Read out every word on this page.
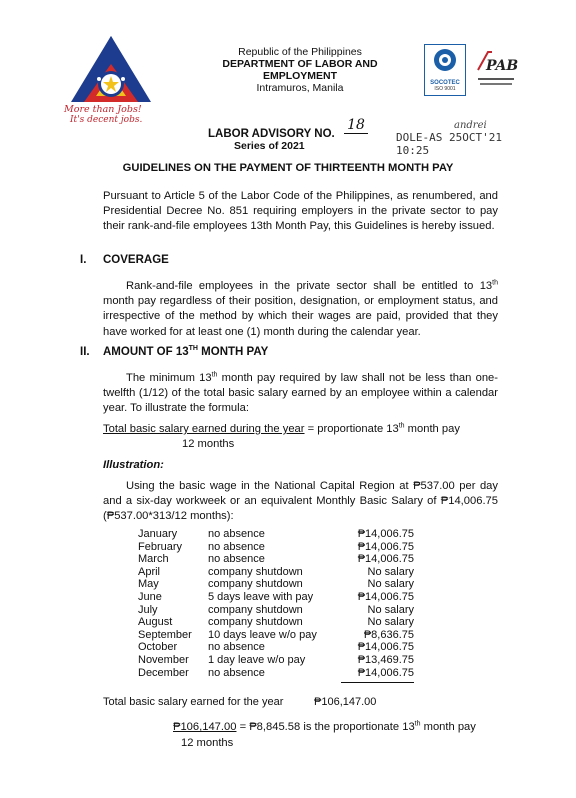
More than Jobs!
It's decent jobs.
Republic of the Philippines
DEPARTMENT OF LABOR AND EMPLOYMENT
Intramuros, Manila	SOCOTEC
ISO 9001
PAB
LABOR ADVISORY NO.
18
Series of 2021
andrei
DOLE-AS 25OCT'21 10:25
GUIDELINES ON THE PAYMENT OF THIRTEENTH MONTH PAY
Pursuant to Article 5 of the Labor Code of the Philippines, as renumbered, and Presidential Decree No. 851 requiring employers in the private sector to pay their rank-and-file employees 13th Month Pay, this Guidelines is hereby issued.
I. COVERAGE
Rank-and-file employees in the private sector shall be entitled to 13th month pay regardless of their position, designation, or employment status, and irrespective of the method by which their wages are paid, provided that they have worked for at least one (1) month during the calendar year.
II. AMOUNT OF 13TH MONTH PAY
The minimum 13th month pay required by law shall not be less than one-twelfth (1/12) of the total basic salary earned by an employee within a calendar year. To illustrate the formula:
Total basic salary earned during the year = proportionate 13th month pay
12 months
Illustration:
Using the basic wage in the National Capital Region at ₱537.00 per day and a six-day workweek or an equivalent Monthly Basic Salary of ₱14,006.75 (₱537.00*313/12 months):
January	no absence	₱14,006.75
February no absence	₱14,006.75
March	no absence	₱14,006.75
April	company shutdown	No salary
May	company shutdown	No salary
June	5 days leave with pay	₱14,006.75
July	company shutdown	No salary
August	company shutdown	No salary
September 10 days leave w/o pay	₱8,636.75
October	no absence	₱14,006.75
November 1 day leave w/o pay	₱13,469.75
December no absence	₱14,006.75
Total basic salary earned for the year	₱106,147.00
₱106,147.00 = ₱8,845.58 is the proportionate 13th month pay
12 months
